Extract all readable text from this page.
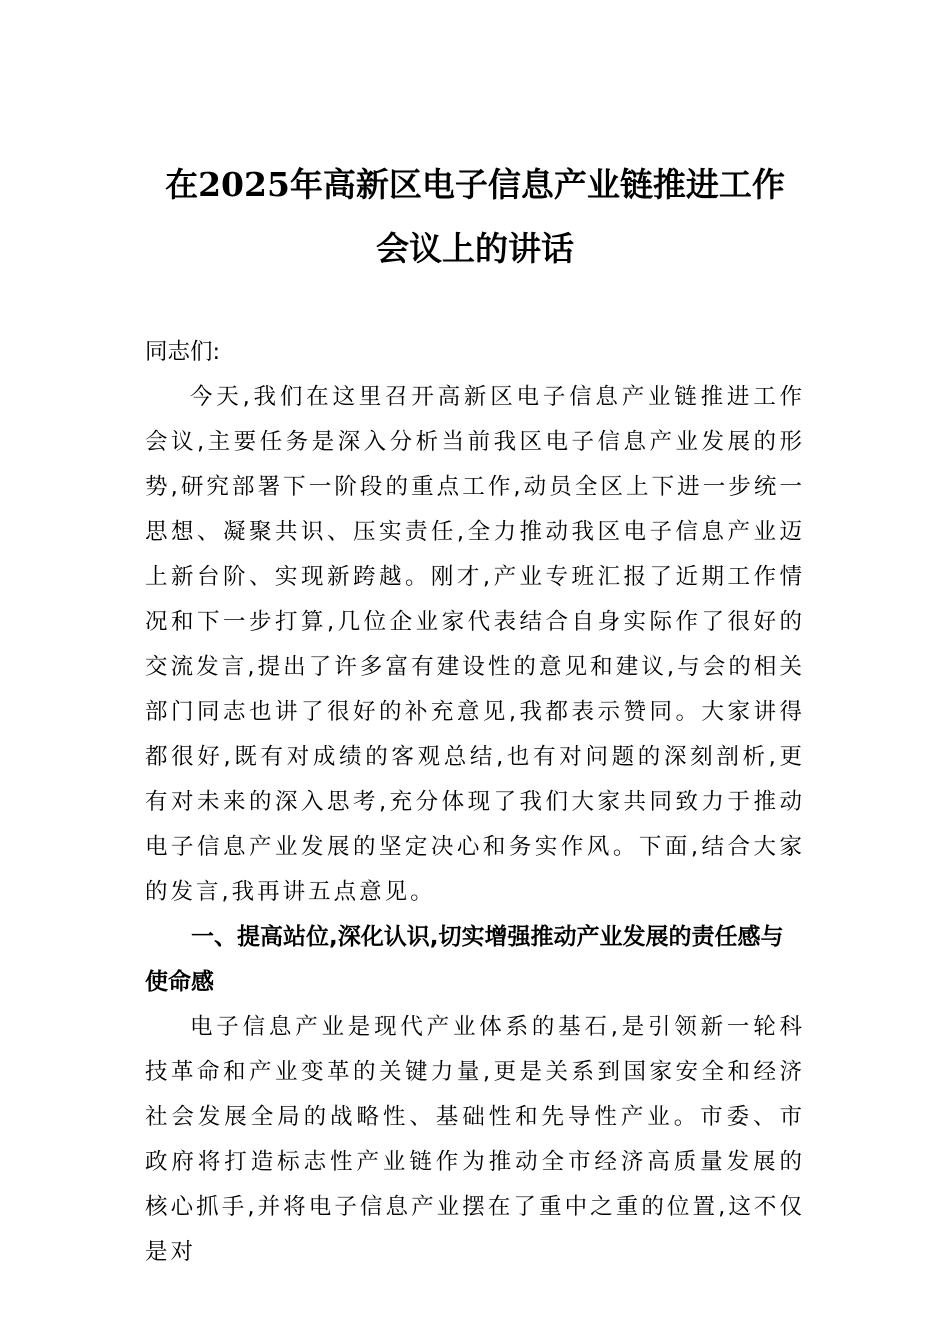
在2025年高新区电子信息产业链推进工作
会议上的讲话

同志们:

今天,我们在这里召开高新区电子信息产业链推进工作会议,主要任务是深入分析当前我区电子信息产业发展的形势,研究部署下一阶段的重点工作,动员全区上下进一步统一思想、凝聚共识、压实责任,全力推动我区电子信息产业迈上新台阶、实现新跨越。刚才,产业专班汇报了近期工作情况和下一步打算,几位企业家代表结合自身实际作了很好的交流发言,提出了许多富有建设性的意见和建议,与会的相关部门同志也讲了很好的补充意见,我都表示赞同。大家讲得都很好,既有对成绩的客观总结,也有对问题的深刻剖析,更有对未来的深入思考,充分体现了我们大家共同致力于推动电子信息产业发展的坚定决心和务实作风。下面,结合大家的发言,我再讲五点意见。

一、提高站位,深化认识,切实增强推动产业发展的责任感与使命感

电子信息产业是现代产业体系的基石,是引领新一轮科技革命和产业变革的关键力量,更是关系到国家安全和经济社会发展全局的战略性、基础性和先导性产业。市委、市政府将打造标志性产业链作为推动全市经济高质量发展的核心抓手,并将电子信息产业摆在了重中之重的位置,这不仅是对
